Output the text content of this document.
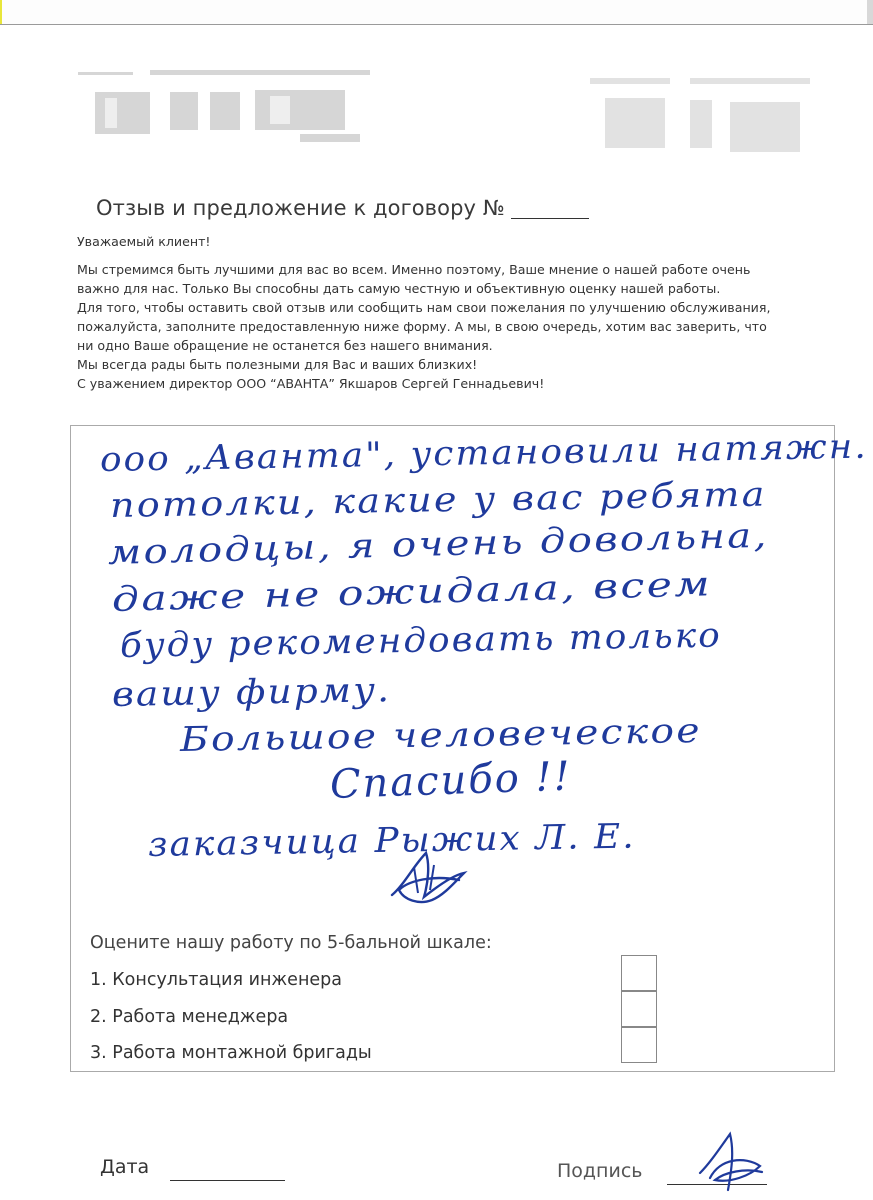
Отзыв и предложение к договору №
Уважаемый клиент!
Мы стремимся быть лучшими для вас во всем. Именно поэтому, Ваше мнение о нашей работе очень
важно для нас. Только Вы способны дать самую честную и объективную оценку нашей работы.
Для того, чтобы оставить свой отзыв или сообщить нам свои пожелания по улучшению обслуживания,
пожалуйста, заполните предоставленную ниже форму. А мы, в свою очередь, хотим вас заверить, что
ни одно Ваше обращение не останется без нашего внимания.
Мы всегда рады быть полезными для Вас и ваших близких!
С уважением директор ООО “АВАНТА” Якшаров Сергей Геннадьевич!
ооо „Аванта", установили натяжн.
потолки, какие у вас ребята
молодцы, я очень довольна,
даже не ожидала, всем
буду рекомендовать только
вашу фирму.
Большое человеческое
Спасибо !!
заказчица Рыжих Л. Е.
Оцените нашу работу по 5-бальной шкале:
1. Консультация инженера
2. Работа менеджера
3. Работа монтажной бригады
Дата	Подпись
